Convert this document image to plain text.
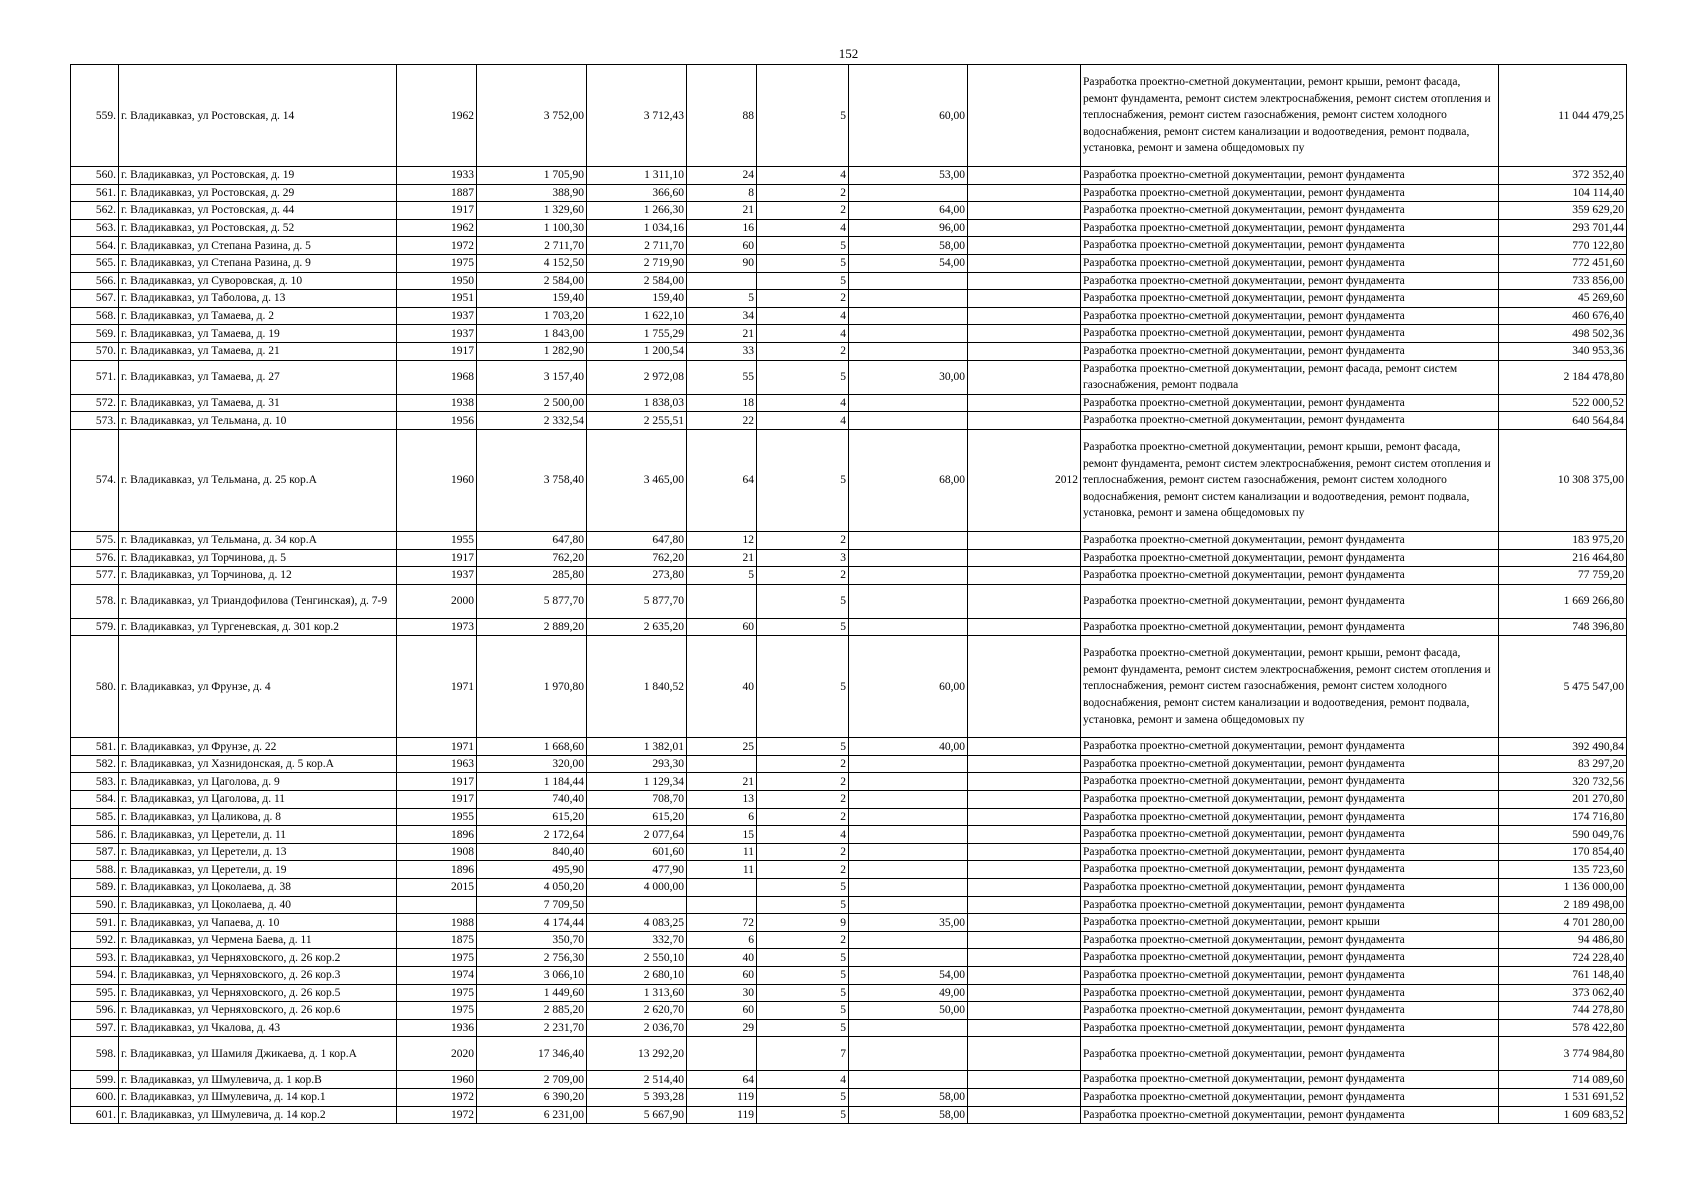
152
559.	г. Владикавказ, ул Ростовская, д. 14	1962	3 752,00	3 712,43	88	5	60,00		Разработка проектно-сметной документации, ремонт крыши, ремонт фасада, ремонт фундамента, ремонт систем электроснабжения, ремонт систем отопления и теплоснабжения, ремонт систем газоснабжения, ремонт систем холодного водоснабжения, ремонт систем канализации и водоотведения, ремонт подвала, установка, ремонт и замена общедомовых пу	11 044 479,25
560.	г. Владикавказ, ул Ростовская, д. 19	1933	1 705,90	1 311,10	24	4	53,00		Разработка проектно-сметной документации, ремонт фундамента	372 352,40
561.	г. Владикавказ, ул Ростовская, д. 29	1887	388,90	366,60	8	2			Разработка проектно-сметной документации, ремонт фундамента	104 114,40
562.	г. Владикавказ, ул Ростовская, д. 44	1917	1 329,60	1 266,30	21	2	64,00		Разработка проектно-сметной документации, ремонт фундамента	359 629,20
563.	г. Владикавказ, ул Ростовская, д. 52	1962	1 100,30	1 034,16	16	4	96,00		Разработка проектно-сметной документации, ремонт фундамента	293 701,44
564.	г. Владикавказ, ул Степана Разина, д. 5	1972	2 711,70	2 711,70	60	5	58,00		Разработка проектно-сметной документации, ремонт фундамента	770 122,80
565.	г. Владикавказ, ул Степана Разина, д. 9	1975	4 152,50	2 719,90	90	5	54,00		Разработка проектно-сметной документации, ремонт фундамента	772 451,60
566.	г. Владикавказ, ул Суворовская, д. 10	1950	2 584,00	2 584,00		5			Разработка проектно-сметной документации, ремонт фундамента	733 856,00
567.	г. Владикавказ, ул Таболова, д. 13	1951	159,40	159,40	5	2			Разработка проектно-сметной документации, ремонт фундамента	45 269,60
568.	г. Владикавказ, ул Тамаева, д. 2	1937	1 703,20	1 622,10	34	4			Разработка проектно-сметной документации, ремонт фундамента	460 676,40
569.	г. Владикавказ, ул Тамаева, д. 19	1937	1 843,00	1 755,29	21	4			Разработка проектно-сметной документации, ремонт фундамента	498 502,36
570.	г. Владикавказ, ул Тамаева, д. 21	1917	1 282,90	1 200,54	33	2			Разработка проектно-сметной документации, ремонт фундамента	340 953,36
571.	г. Владикавказ, ул Тамаева, д. 27	1968	3 157,40	2 972,08	55	5	30,00		Разработка проектно-сметной документации, ремонт фасада, ремонт систем газоснабжения, ремонт подвала	2 184 478,80
572.	г. Владикавказ, ул Тамаева, д. 31	1938	2 500,00	1 838,03	18	4			Разработка проектно-сметной документации, ремонт фундамента	522 000,52
573.	г. Владикавказ, ул Тельмана, д. 10	1956	2 332,54	2 255,51	22	4			Разработка проектно-сметной документации, ремонт фундамента	640 564,84
574.	г. Владикавказ, ул Тельмана, д. 25 кор.А	1960	3 758,40	3 465,00	64	5	68,00	2012	Разработка проектно-сметной документации, ремонт крыши, ремонт фасада, ремонт фундамента, ремонт систем электроснабжения, ремонт систем отопления и теплоснабжения, ремонт систем газоснабжения, ремонт систем холодного водоснабжения, ремонт систем канализации и водоотведения, ремонт подвала, установка, ремонт и замена общедомовых пу	10 308 375,00
575.	г. Владикавказ, ул Тельмана, д. 34 кор.А	1955	647,80	647,80	12	2			Разработка проектно-сметной документации, ремонт фундамента	183 975,20
576.	г. Владикавказ, ул Торчинова, д. 5	1917	762,20	762,20	21	3			Разработка проектно-сметной документации, ремонт фундамента	216 464,80
577.	г. Владикавказ, ул Торчинова, д. 12	1937	285,80	273,80	5	2			Разработка проектно-сметной документации, ремонт фундамента	77 759,20
578.	г. Владикавказ, ул Триандофилова (Тенгинская), д. 7-9	2000	5 877,70	5 877,70		5			Разработка проектно-сметной документации, ремонт фундамента	1 669 266,80
579.	г. Владикавказ, ул Тургеневская, д. 301 кор.2	1973	2 889,20	2 635,20	60	5			Разработка проектно-сметной документации, ремонт фундамента	748 396,80
580.	г. Владикавказ, ул Фрунзе, д. 4	1971	1 970,80	1 840,52	40	5	60,00		Разработка проектно-сметной документации, ремонт крыши, ремонт фасада, ремонт фундамента, ремонт систем электроснабжения, ремонт систем отопления и теплоснабжения, ремонт систем газоснабжения, ремонт систем холодного водоснабжения, ремонт систем канализации и водоотведения, ремонт подвала, установка, ремонт и замена общедомовых пу	5 475 547,00
581.	г. Владикавказ, ул Фрунзе, д. 22	1971	1 668,60	1 382,01	25	5	40,00		Разработка проектно-сметной документации, ремонт фундамента	392 490,84
582.	г. Владикавказ, ул Хазнидонская, д. 5 кор.А	1963	320,00	293,30		2			Разработка проектно-сметной документации, ремонт фундамента	83 297,20
583.	г. Владикавказ, ул Цаголова, д. 9	1917	1 184,44	1 129,34	21	2			Разработка проектно-сметной документации, ремонт фундамента	320 732,56
584.	г. Владикавказ, ул Цаголова, д. 11	1917	740,40	708,70	13	2			Разработка проектно-сметной документации, ремонт фундамента	201 270,80
585.	г. Владикавказ, ул Цаликова, д. 8	1955	615,20	615,20	6	2			Разработка проектно-сметной документации, ремонт фундамента	174 716,80
586.	г. Владикавказ, ул Церетели, д. 11	1896	2 172,64	2 077,64	15	4			Разработка проектно-сметной документации, ремонт фундамента	590 049,76
587.	г. Владикавказ, ул Церетели, д. 13	1908	840,40	601,60	11	2			Разработка проектно-сметной документации, ремонт фундамента	170 854,40
588.	г. Владикавказ, ул Церетели, д. 19	1896	495,90	477,90	11	2			Разработка проектно-сметной документации, ремонт фундамента	135 723,60
589.	г. Владикавказ, ул Цоколаева, д. 38	2015	4 050,20	4 000,00		5			Разработка проектно-сметной документации, ремонт фундамента	1 136 000,00
590.	г. Владикавказ, ул Цоколаева, д. 40		7 709,50			5			Разработка проектно-сметной документации, ремонт фундамента	2 189 498,00
591.	г. Владикавказ, ул Чапаева, д. 10	1988	4 174,44	4 083,25	72	9	35,00		Разработка проектно-сметной документации, ремонт крыши	4 701 280,00
592.	г. Владикавказ, ул Чермена Баева, д. 11	1875	350,70	332,70	6	2			Разработка проектно-сметной документации, ремонт фундамента	94 486,80
593.	г. Владикавказ, ул Черняховского, д. 26 кор.2	1975	2 756,30	2 550,10	40	5			Разработка проектно-сметной документации, ремонт фундамента	724 228,40
594.	г. Владикавказ, ул Черняховского, д. 26 кор.3	1974	3 066,10	2 680,10	60	5	54,00		Разработка проектно-сметной документации, ремонт фундамента	761 148,40
595.	г. Владикавказ, ул Черняховского, д. 26 кор.5	1975	1 449,60	1 313,60	30	5	49,00		Разработка проектно-сметной документации, ремонт фундамента	373 062,40
596.	г. Владикавказ, ул Черняховского, д. 26 кор.6	1975	2 885,20	2 620,70	60	5	50,00		Разработка проектно-сметной документации, ремонт фундамента	744 278,80
597.	г. Владикавказ, ул Чкалова, д. 43	1936	2 231,70	2 036,70	29	5			Разработка проектно-сметной документации, ремонт фундамента	578 422,80
598.	г. Владикавказ, ул Шамиля Джикаева, д. 1 кор.А	2020	17 346,40	13 292,20		7			Разработка проектно-сметной документации, ремонт фундамента	3 774 984,80
599.	г. Владикавказ, ул Шмулевича, д. 1 кор.В	1960	2 709,00	2 514,40	64	4			Разработка проектно-сметной документации, ремонт фундамента	714 089,60
600.	г. Владикавказ, ул Шмулевича, д. 14 кор.1	1972	6 390,20	5 393,28	119	5	58,00		Разработка проектно-сметной документации, ремонт фундамента	1 531 691,52
601.	г. Владикавказ, ул Шмулевича, д. 14 кор.2	1972	6 231,00	5 667,90	119	5	58,00		Разработка проектно-сметной документации, ремонт фундамента	1 609 683,52
